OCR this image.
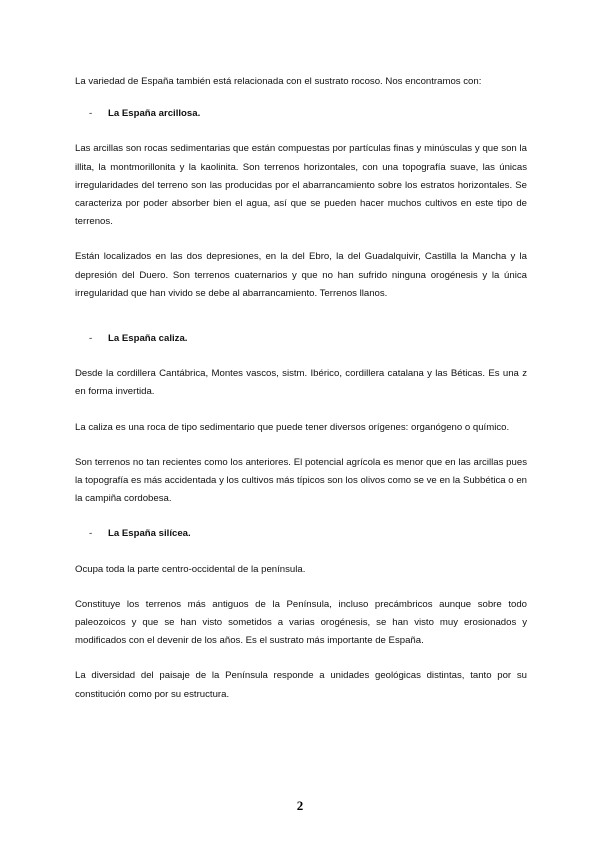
La variedad de España también está relacionada con el sustrato rocoso. Nos encontramos con:

- La España arcillosa.

Las arcillas son rocas sedimentarias que están compuestas por partículas finas y minúsculas y que son la illita, la montmorillonita y la kaolinita. Son terrenos horizontales, con una topografía suave, las únicas irregularidades del terreno son las producidas por el abarrancamiento sobre los estratos horizontales. Se caracteriza por poder absorber bien el agua, así que se pueden hacer muchos cultivos en este tipo de terrenos.

Están localizados en las dos depresiones, en la del Ebro, la del Guadalquivir, Castilla la Mancha y la depresión del Duero. Son terrenos cuaternarios y que no han sufrido ninguna orogénesis y la única irregularidad que han vivido se debe al abarrancamiento. Terrenos llanos.

- La España caliza.

Desde la cordillera Cantábrica, Montes vascos, sistm. Ibérico, cordillera catalana y las Béticas. Es una z en forma invertida.

La caliza es una roca de tipo sedimentario que puede tener diversos orígenes: organógeno o químico.

Son terrenos no tan recientes como los anteriores. El potencial agrícola es menor que en las arcillas pues la topografía es más accidentada y los cultivos más típicos son los olivos como se ve en la Subbética o en la campiña cordobesa.

- La España silícea.

Ocupa toda la parte centro-occidental de la península.

Constituye los terrenos más antiguos de la Península, incluso precámbricos aunque sobre todo paleozoicos y que se han visto sometidos a varias orogénesis, se han visto muy erosionados y modificados con el devenir de los años. Es el sustrato más importante de España.

La diversidad del paisaje de la Península responde a unidades geológicas distintas, tanto por su constitución como por su estructura.

2
